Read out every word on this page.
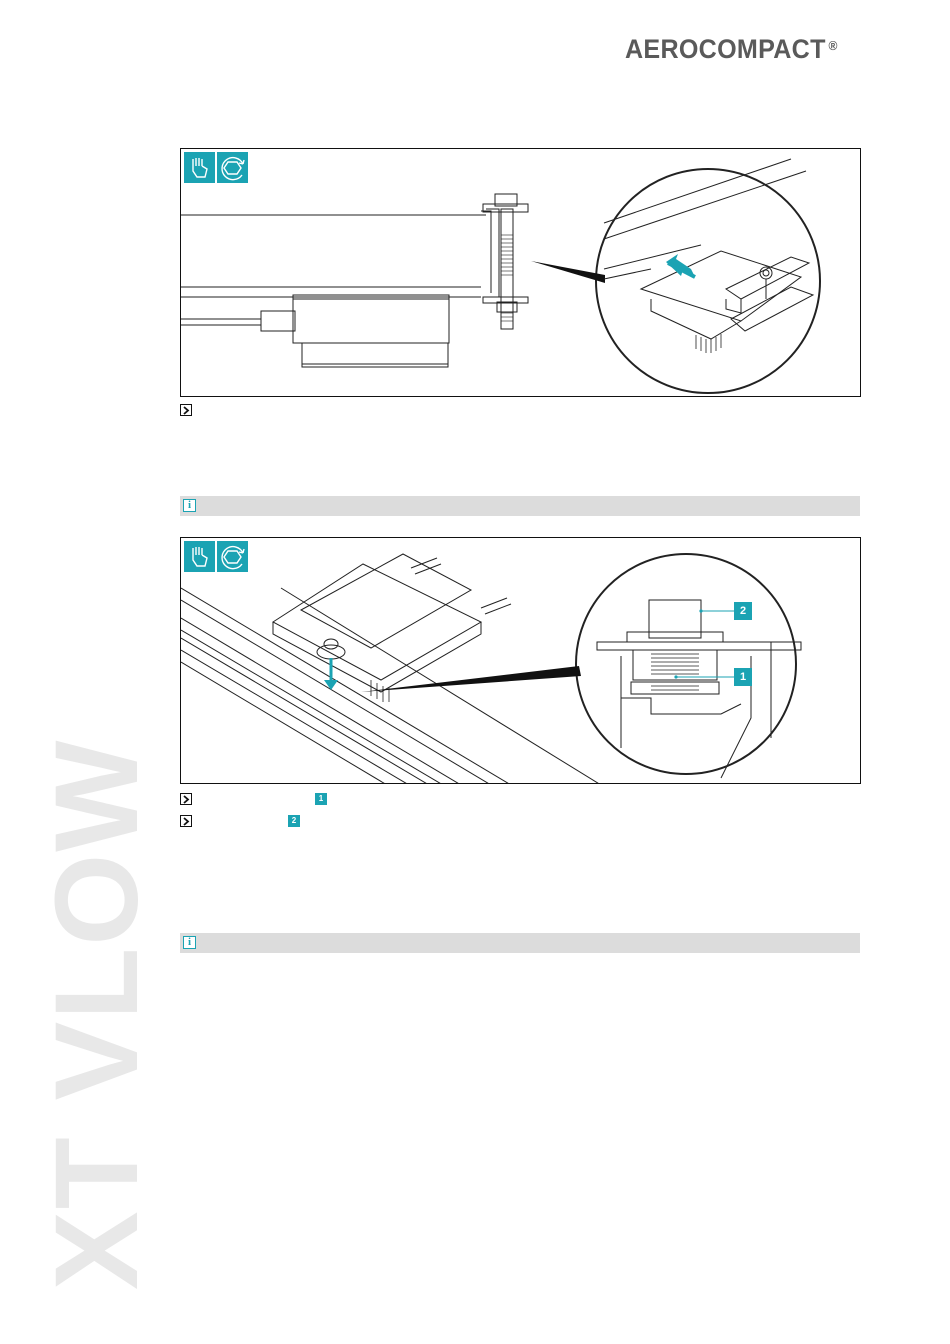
AEROCOMPACT ®
i
2
1
1
2
i
XT VLOW
